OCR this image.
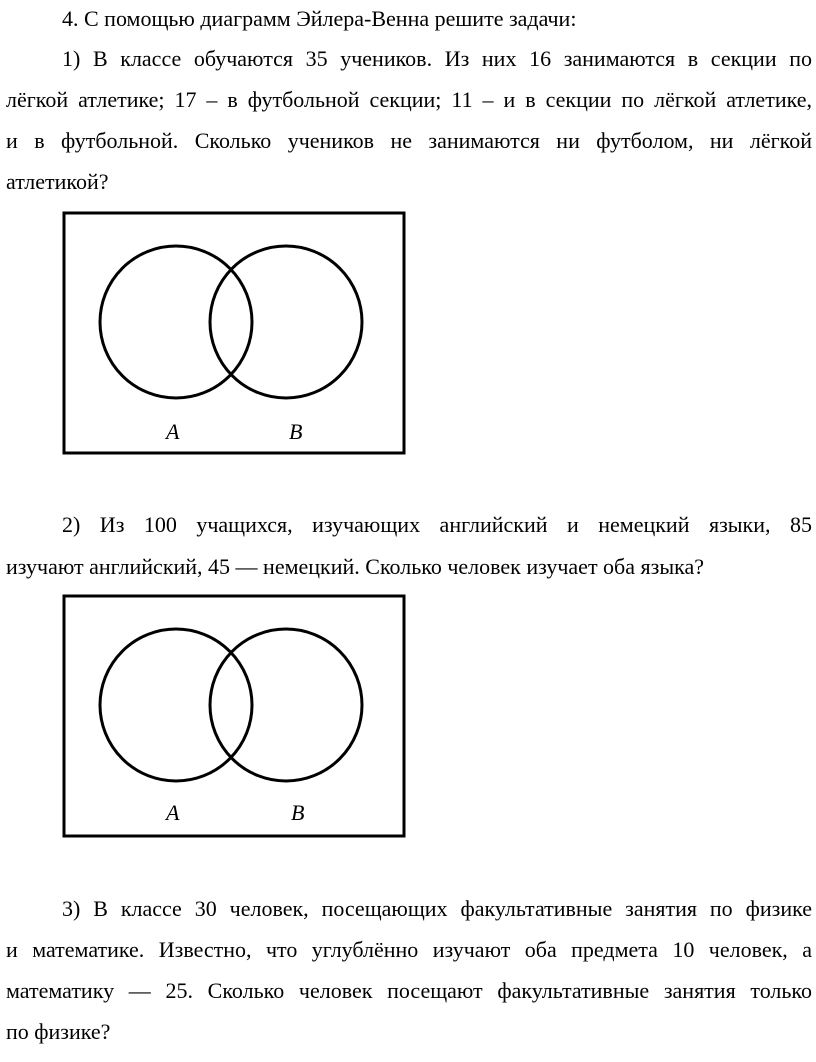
4. С помощью диаграмм Эйлера-Венна решите задачи:
1) В классе обучаются 35 учеников. Из них 16 занимаются в секции по
лёгкой атлетике; 17 – в футбольной секции; 11 – и в секции по лёгкой атлетике,
и в футбольной. Сколько учеников не занимаются ни футболом, ни лёгкой
атлетикой?
A	B
2) Из 100 учащихся, изучающих английский и немецкий языки, 85
изучают английский, 45 — немецкий. Сколько человек изучает оба языка?
A	B
3) В классе 30 человек, посещающих факультативные занятия по физике
и математике. Известно, что углублённо изучают оба предмета 10 человек, а
математику — 25. Сколько человек посещают факультативные занятия только
по физике?
